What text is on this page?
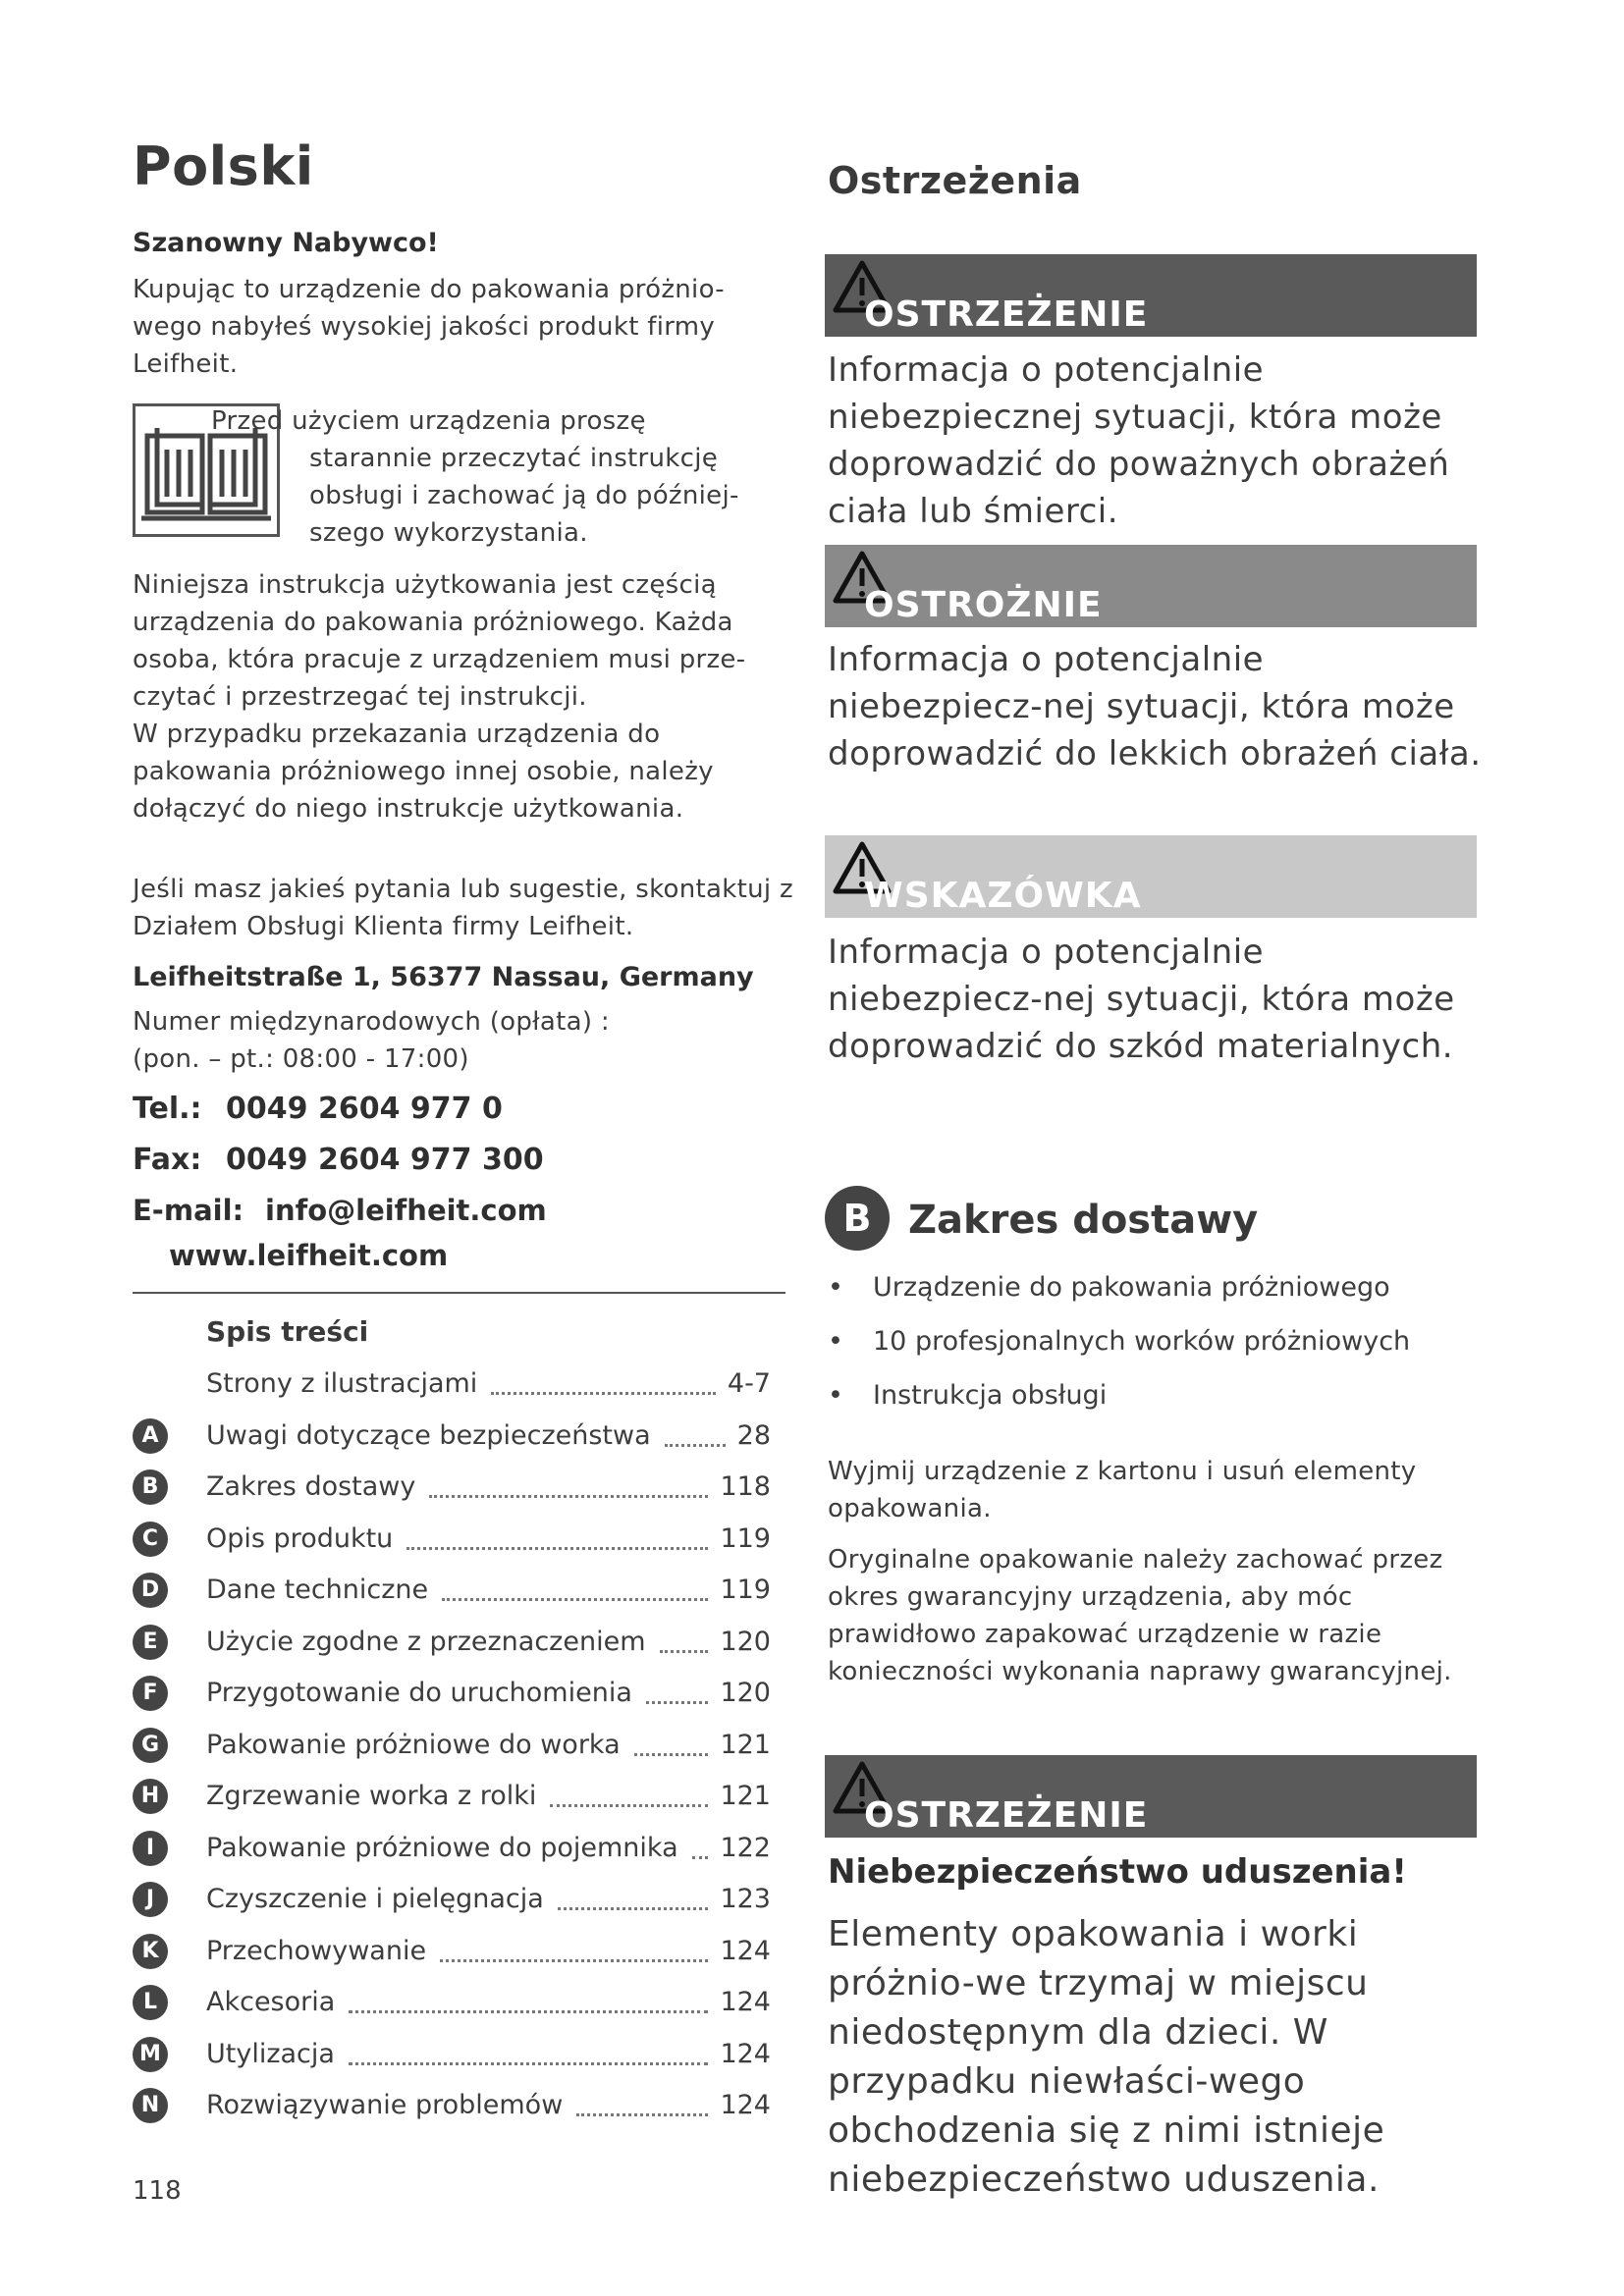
Polski
Szanowny Nabywco!
Kupując to urządzenie do pakowania próżnio-wego nabyłeś wysokiej jakości produkt firmy Leifheit.
Przed użyciem urządzenia proszę
starannie przeczytać instrukcję obsługi i zachować ją do później-szego wykorzystania.
Niniejsza instrukcja użytkowania jest częścią urządzenia do pakowania próżniowego. Każda osoba, która pracuje z urządzeniem musi prze-czytać i przestrzegać tej instrukcji.
W przypadku przekazania urządzenia do pakowania próżniowego innej osobie, należy dołączyć do niego instrukcje użytkowania.
Jeśli masz jakieś pytania lub sugestie, skontaktuj z Działem Obsługi Klienta firmy Leifheit.
Leifheitstraße 1, 56377 Nassau, Germany
Numer międzynarodowych (opłata) :
(pon. – pt.: 08:00 - 17:00)
Tel.: 0049 2604 977 0
Fax: 0049 2604 977 300
E-mail: info@leifheit.com
www.leifheit.com
Spis treści
Strony z ilustracjami	4-7
A	Uwagi dotyczące bezpieczeństwa	28
B	Zakres dostawy	118
C	Opis produktu	119
D	Dane techniczne	119
E	Użycie zgodne z przeznaczeniem	120
F	Przygotowanie do uruchomienia	120
G	Pakowanie próżniowe do worka	121
H	Zgrzewanie worka z rolki	121
I	Pakowanie próżniowe do pojemnika 122
J	Czyszczenie i pielęgnacja	123
K	Przechowywanie	124
L	Akcesoria	124
M Utylizacja	124
N	Rozwiązywanie problemów	124
118
Ostrzeżenia
OSTRZEŻENIE
Informacja o potencjalnie niebezpiecznej sytuacji, która może doprowadzić do poważnych obrażeń ciała lub śmierci.
OSTROŻNIE
Informacja o potencjalnie niebezpiecz-nej sytuacji, która może doprowadzić do lekkich obrażeń ciała.
WSKAZÓWKA
Informacja o potencjalnie niebezpiecz-nej sytuacji, która może doprowadzić do szkód materialnych.
B Zakres dostawy
• Urządzenie do pakowania próżniowego
• 10 profesjonalnych worków próżniowych
• Instrukcja obsługi
Wyjmij urządzenie z kartonu i usuń elementy opakowania.
Oryginalne opakowanie należy zachować przez okres gwarancyjny urządzenia, aby móc prawidłowo zapakować urządzenie w razie konieczności wykonania naprawy gwarancyjnej.
OSTRZEŻENIE
Niebezpieczeństwo uduszenia!
Elementy opakowania i worki próżnio-we trzymaj w miejscu niedostępnym dla dzieci. W przypadku niewłaści-wego obchodzenia się z nimi istnieje niebezpieczeństwo uduszenia.
